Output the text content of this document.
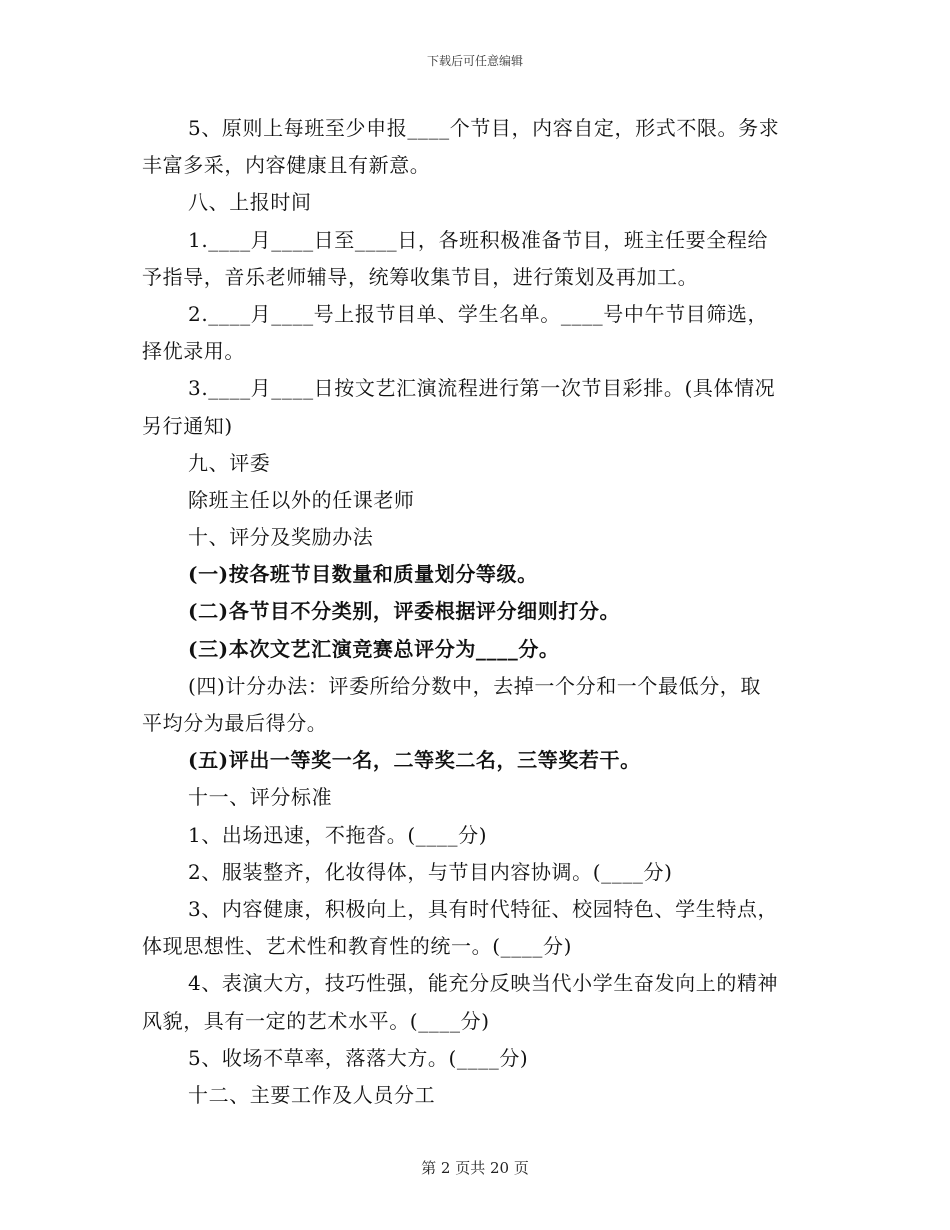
下载后可任意编辑
5、原则上每班至少申报____个节目，内容自定，形式不限。务求
丰富多采，内容健康且有新意。
八、上报时间
1.____月____日至____日，各班积极准备节目，班主任要全程给
予指导，音乐老师辅导，统筹收集节目，进行策划及再加工。
2.____月____号上报节目单、学生名单。____号中午节目筛选，
择优录用。
3.____月____日按文艺汇演流程进行第一次节目彩排。(具体情况
另行通知)
九、评委
除班主任以外的任课老师
十、评分及奖励办法
(一)按各班节目数量和质量划分等级。
(二)各节目不分类别，评委根据评分细则打分。
(三)本次文艺汇演竞赛总评分为____分。
(四)计分办法：评委所给分数中，去掉一个分和一个最低分，取
平均分为最后得分。
(五)评出一等奖一名，二等奖二名，三等奖若干。
十一、评分标准
1、出场迅速，不拖沓。(____分)
2、服装整齐，化妆得体，与节目内容协调。(____分)
3、内容健康，积极向上，具有时代特征、校园特色、学生特点，
体现思想性、艺术性和教育性的统一。(____分)
4、表演大方，技巧性强，能充分反映当代小学生奋发向上的精神
风貌，具有一定的艺术水平。(____分)
5、收场不草率，落落大方。(____分)
十二、主要工作及人员分工
第 2 页共 20 页
